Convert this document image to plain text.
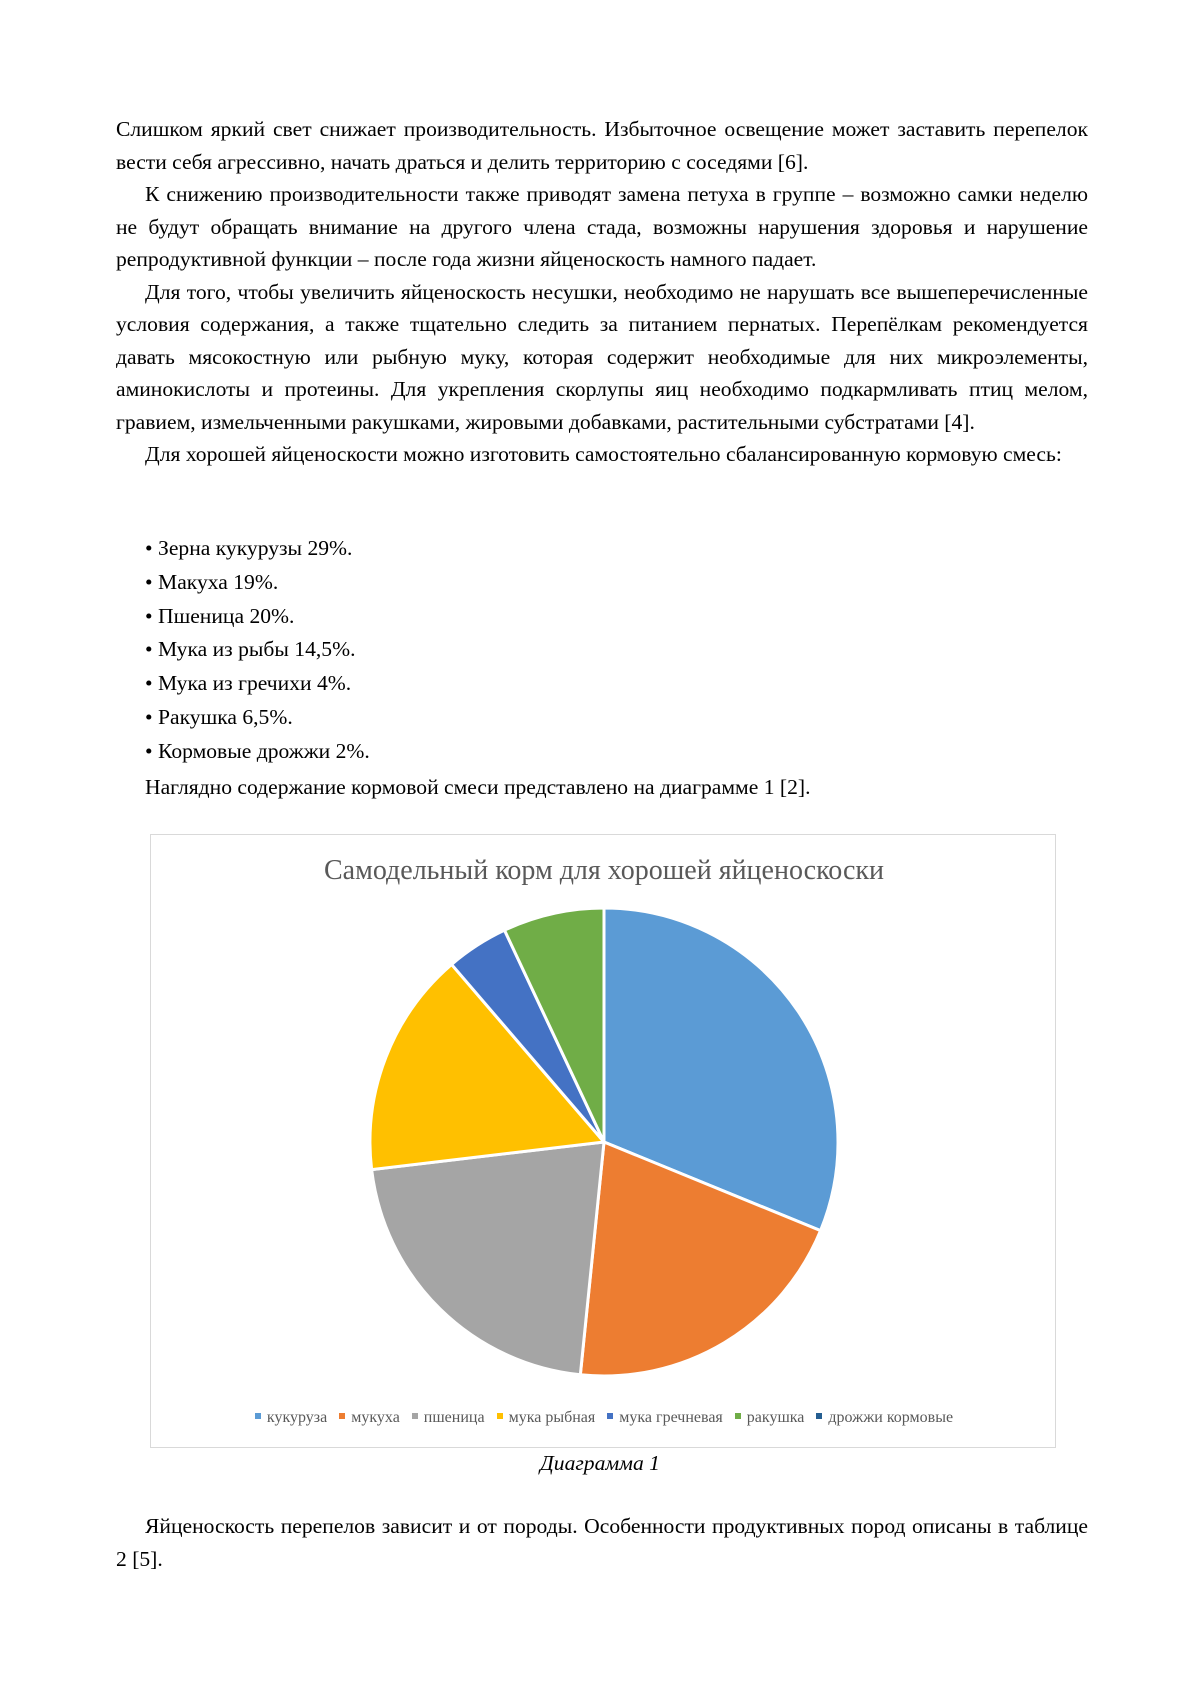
Слишком яркий свет снижает производительность. Избыточное освещение может заставить перепелок вести себя агрессивно, начать драться и делить территорию с соседями [6].

К снижению производительности также приводят замена петуха в группе – возможно самки неделю не будут обращать внимание на другого члена стада, возможны нарушения здоровья и нарушение репродуктивной функции – после года жизни яйценоскость намного падает.

Для того, чтобы увеличить яйценоскость несушки, необходимо не нарушать все вышеперечисленные условия содержания, а также тщательно следить за питанием пернатых. Перепёлкам рекомендуется давать мясокостную или рыбную муку, которая содержит необходимые для них микроэлементы, аминокислоты и протеины. Для укрепления скорлупы яиц необходимо подкармливать птиц мелом, гравием, измельченными ракушками, жировыми добавками, растительными субстратами [4].

Для хорошей яйценоскости можно изготовить самостоятельно сбалансированную кормовую смесь:

• Зерна кукурузы 29%.
• Макуха 19%.
• Пшеница 20%.
• Мука из рыбы 14,5%.
• Мука из гречихи 4%.
• Ракушка 6,5%.
• Кормовые дрожжи 2%.
Наглядно содержание кормовой смеси представлено на диаграмме 1 [2].
Самодельный корм для хорошей яйценоскоски
кукуруза мукуха пшеница мука рыбная мука гречневая ракушка дрожжи кормовые
Диаграмма 1

Яйценоскость перепелов зависит и от породы. Особенности продуктивных пород описаны в таблице 2 [5].
